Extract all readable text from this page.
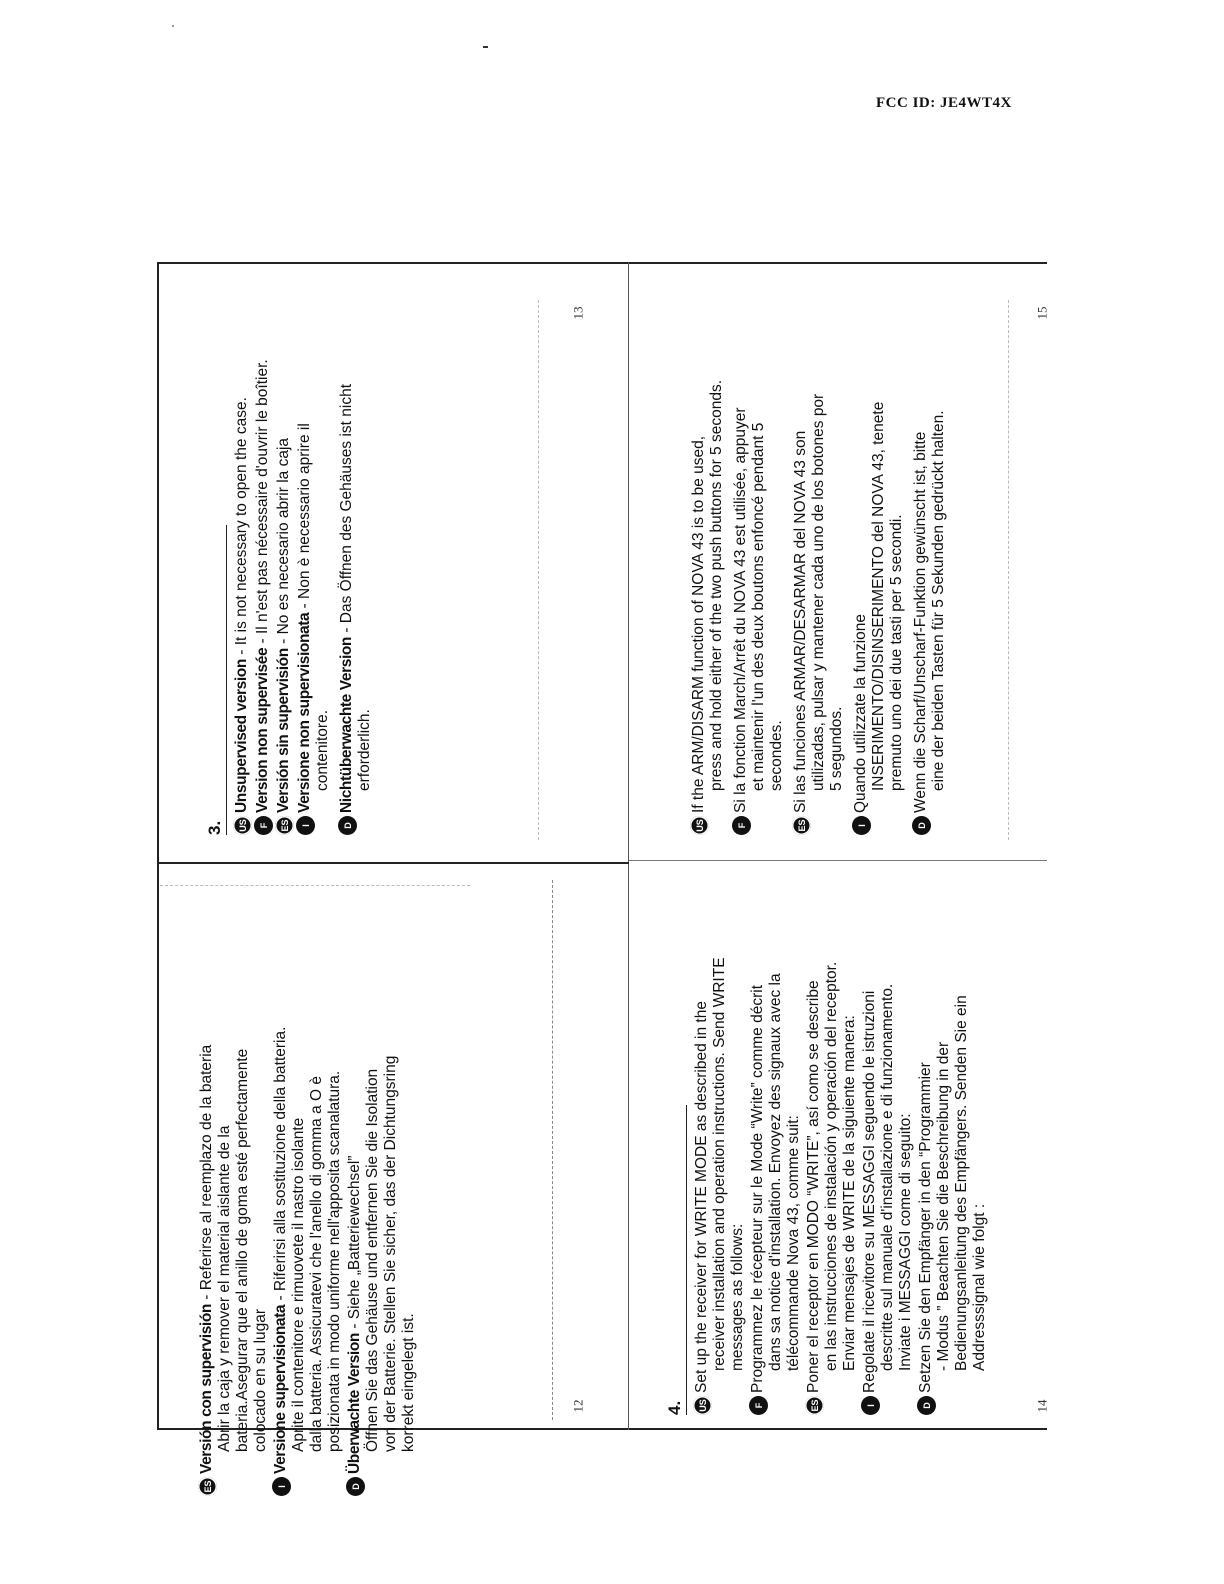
FCC ID: JE4WT4X
ES
Versión con supervisión - Referirse al reemplazo de la bateria Abrir la caja y remover el material aislante de la bateria.Asegurar que el anillo de goma esté perfectamente colocado en su lugar
I
Versione supervisionata - Riferirsi alla sostituzione della batteria. Aprite il contenitore e rimuovete il nastro isolante dalla batteria. Assicuratevi che l'anello di gomma a O è posizionata in modo uniforme nell'apposita scanalatura.
D
Überwachte Version - Siehe „Batteriewechsel” Öffnen Sie das Gehäuse und entfernen Sie die Isolation von der Batterie. Stellen Sie sicher, das der Dichtungsring korrekt eingelegt ist.	12
3.	US
Unsupervised version - It is not necessary to open the case.
F
Version non supervisée - Il n'est pas nécessaire d'ouvrir le boîtier.
ES
Versión sin supervisión - No es necesario abrir la caja
I
Versione non supervisionata - Non è necessario aprire il
contenitore.
D
Nichtüberwachte Version - Das Öffnen des Gehäuses ist nicht
erforderlich.
13
4.	US
Set up the receiver for WRITE MODE as described in the receiver installation and operation instructions. Send WRITE messages as follows:
F
Programmez le récepteur sur le Mode “Write” comme décrit dans sa notice d'installation. Envoyez des signaux avec la télécommande Nova 43, comme suit:
ES
Poner el receptor en MODO “WRITE”, así como se describe en las instrucciones de instalación y operación del receptor. Enviar mensajes de WRITE de la siguiente manera:
I
Regolate il ricevitore su MESSAGGI seguendo le istruzioni descritte sul manuale d'installazione e di funzionamento. Inviate i MESSAGGI come di seguito:
D
Setzen Sie den Empfänger in den “Programmier - Modus ” Beachten Sie die Beschreibung in der Bedienungsanleitung des Empfängers. Senden Sie ein Addresssignal wie folgt :
14
US
If the ARM/DISARM function of NOVA 43 is to be used, press and hold either of the two push buttons for 5 seconds.
F
Si la fonction March/Arrêt du NOVA 43 est utilisée, appuyer et maintenir l'un des deux boutons enfoncé pendant 5 secondes.
ES
Si las funciones ARMAR/DESARMAR del NOVA 43 son utilizadas, pulsar y mantener cada uno de los botones por 5 segundos.
I
Quando utilizzate la funzione INSERIMENTO/DISINSERIMENTO del NOVA 43, tenete premuto uno dei due tasti per 5 secondi.
D
Wenn die Scharf/Unscharf-Funktion gewünscht ist, bitte eine der beiden Tasten für 5 Sekunden gedrückt halten.
15
